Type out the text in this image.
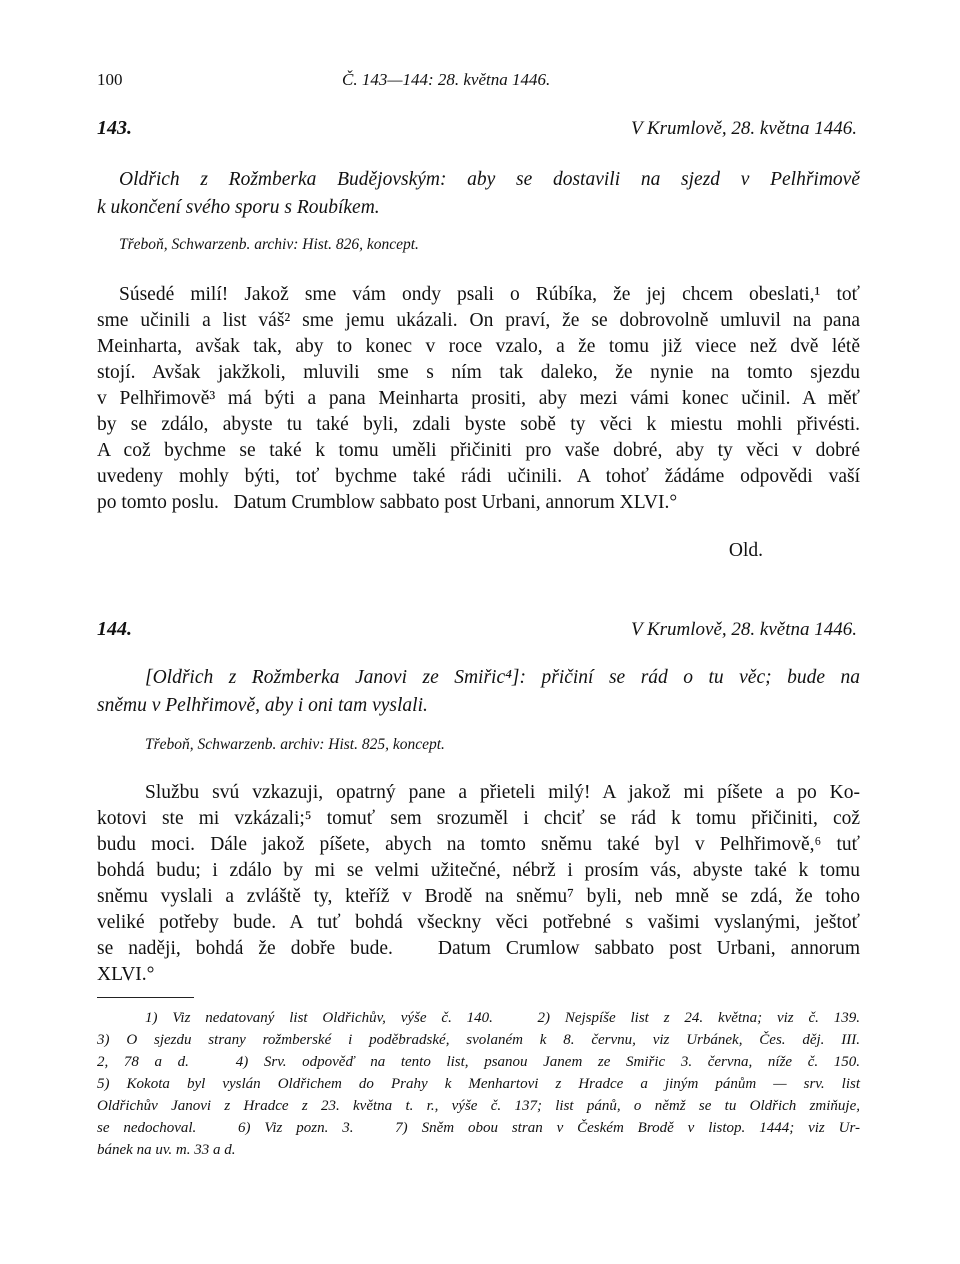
100	Č. 143—144: 28. května 1446.
143.	V Krumlově, 28. května 1446.
Oldřich z Rožmberka Budějovským: aby se dostavili na sjezd v Pelhřimově
k ukončení svého sporu s Roubíkem.
Třeboň, Schwarzenb. archiv: Hist. 826, koncept.
Súsedé milí! Jakož sme vám ondy psali o Rúbíka, že jej chcem obeslati,¹ toť
sme učinili a list váš² sme jemu ukázali. On praví, že se dobrovolně umluvil na pana
Meinharta, avšak tak, aby to konec v roce vzalo, a že tomu již viece než dvě létě
stojí. Avšak jakžkoli, mluvili sme s ním tak daleko, že nynie na tomto sjezdu
v Pelhřimově³ má býti a pana Meinharta prositi, aby mezi vámi konec učinil. A měť
by se zdálo, abyste tu také byli, zdali byste sobě ty věci k miestu mohli přivésti.
A což bychme se také k tomu uměli přičiniti pro vaše dobré, aby ty věci v dobré
uvedeny mohly býti, toť bychme také rádi učinili. A tohoť žádáme odpovědi vaší
po tomto poslu.   Datum Crumblow sabbato post Urbani, annorum XLVI.°
Old.
144.	V Krumlově, 28. května 1446.
[Oldřich z Rožmberka Janovi ze Smiřic⁴]: přičiní se rád o tu věc; bude na
sněmu v Pelhřimově, aby i oni tam vyslali.
Třeboň, Schwarzenb. archiv: Hist. 825, koncept.
Službu svú vzkazuji, opatrný pane a přieteli milý! A jakož mi píšete a po Ko-
kotovi ste mi vzkázali;⁵ tomuť sem srozuměl i chciť se rád k tomu přičiniti, což
budu moci. Dále jakož píšete, abych na tomto sněmu také byl v Pelhřimově,⁶ tuť
bohdá budu; i zdálo by mi se velmi užitečné, nébrž i prosím vás, abyste také k tomu
sněmu vyslali a zvláště ty, kteříž v Brodě na sněmu⁷ byli, neb mně se zdá, že toho
veliké potřeby bude. A tuť bohdá všeckny věci potřebné s vašimi vyslanými, ještoť
se naději, bohdá že dobře bude.   Datum Crumlow sabbato post Urbani, annorum
XLVI.°
1) Viz nedatovaný list Oldřichův, výše č. 140.   2) Nejspíše list z 24. května; viz č. 139.
3) O sjezdu strany rožmberské i poděbradské, svolaném k 8. červnu, viz Urbánek, Čes. děj. III.
2, 78 a d.   4) Srv. odpověď na tento list, psanou Janem ze Smiřic 3. června, níže č. 150.
5) Kokota byl vyslán Oldřichem do Prahy k Menhartovi z Hradce a jiným pánům — srv. list
Oldřichův Janovi z Hradce z 23. května t. r., výše č. 137; list pánů, o němž se tu Oldřich zmiňuje,
se nedochoval.   6) Viz pozn. 3.   7) Sněm obou stran v Českém Brodě v listop. 1444; viz Ur-
bánek na uv. m. 33 a d.
